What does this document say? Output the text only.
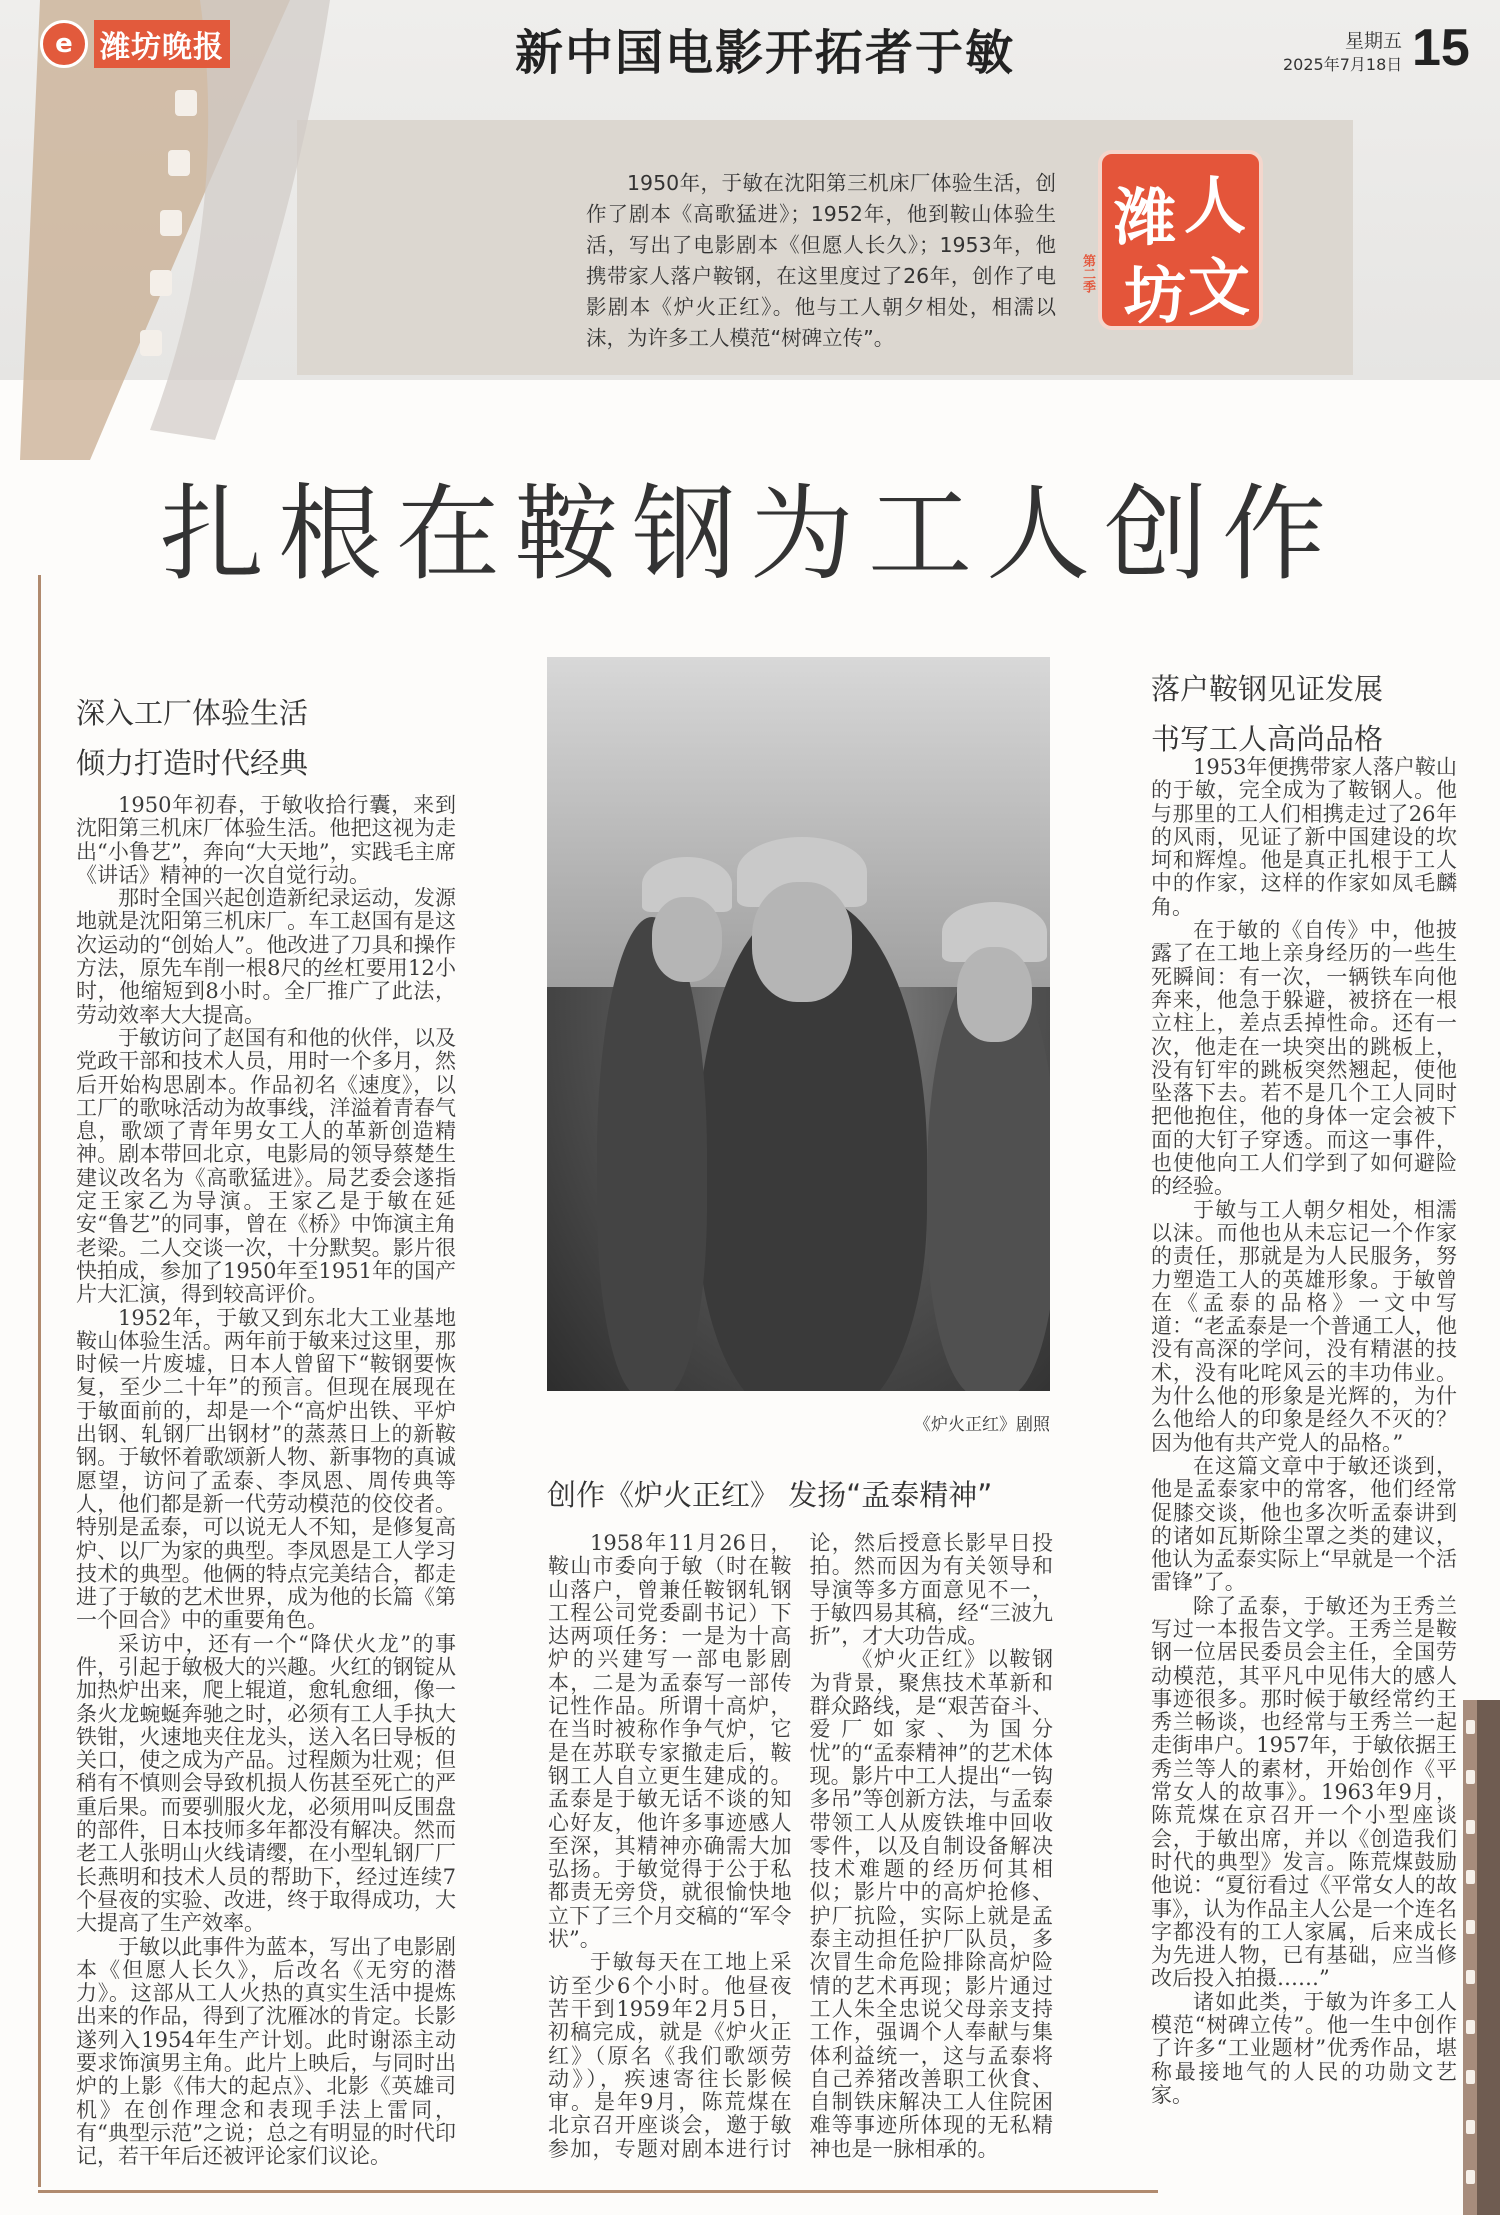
e 潍坊晚报	新中国电影开拓者于敏	星期五
2025年7月18日 15

1950年，于敏在沈阳第三机床厂体验生活，创作了剧本《高歌猛进》；1952年，他到鞍山体验生活，写出了电影剧本《但愿人长久》；1953年，他携带家人落户鞍钢，在这里度过了26年，创作了电影剧本《炉火正红》。他与工人朝夕相处，相濡以沫，为许多工人模范“树碑立传”。

潍 人
坊 文
第二季
扎根在鞍钢为工人创作
深入工厂体验生活
倾力打造时代经典

1950年初春，于敏收拾行囊，来到沈阳第三机床厂体验生活。他把这视为走出“小鲁艺”，奔向“大天地”，实践毛主席《讲话》精神的一次自觉行动。

那时全国兴起创造新纪录运动，发源地就是沈阳第三机床厂。车工赵国有是这次运动的“创始人”。他改进了刀具和操作方法，原先车削一根8尺的丝杠要用12小时，他缩短到8小时。全厂推广了此法，劳动效率大大提高。

于敏访问了赵国有和他的伙伴，以及党政干部和技术人员，用时一个多月，然后开始构思剧本。作品初名《速度》，以工厂的歌咏活动为故事线，洋溢着青春气息，歌颂了青年男女工人的革新创造精神。剧本带回北京，电影局的领导蔡楚生建议改名为《高歌猛进》。局艺委会遂指定王家乙为导演。王家乙是于敏在延安“鲁艺”的同事，曾在《桥》中饰演主角老梁。二人交谈一次，十分默契。影片很快拍成，参加了1950年至1951年的国产片大汇演，得到较高评价。

1952年，于敏又到东北大工业基地鞍山体验生活。两年前于敏来过这里，那时候一片废墟，日本人曾留下“鞍钢要恢复，至少二十年”的预言。但现在展现在于敏面前的，却是一个“高炉出铁、平炉出钢、轧钢厂出钢材”的蒸蒸日上的新鞍钢。于敏怀着歌颂新人物、新事物的真诚愿望，访问了孟泰、李凤恩、周传典等人，他们都是新一代劳动模范的佼佼者。特别是孟泰，可以说无人不知，是修复高炉、以厂为家的典型。李凤恩是工人学习技术的典型。他俩的特点完美结合，都走进了于敏的艺术世界，成为他的长篇《第一个回合》中的重要角色。

采访中，还有一个“降伏火龙”的事件，引起于敏极大的兴趣。火红的钢锭从加热炉出来，爬上辊道，愈轧愈细，像一条火龙蜿蜒奔驰之时，必须有工人手执大铁钳，火速地夹住龙头，送入名曰导板的关口，使之成为产品。过程颇为壮观；但稍有不慎则会导致机损人伤甚至死亡的严重后果。而要驯服火龙，必须用叫反围盘的部件，日本技师多年都没有解决。然而老工人张明山火线请缨，在小型轧钢厂厂长燕明和技术人员的帮助下，经过连续7个昼夜的实验、改进，终于取得成功，大大提高了生产效率。

于敏以此事件为蓝本，写出了电影剧本《但愿人长久》，后改名《无穷的潜力》。这部从工人火热的真实生活中提炼出来的作品，得到了沈雁冰的肯定。长影遂列入1954年生产计划。此时谢添主动要求饰演男主角。此片上映后，与同时出炉的上影《伟大的起点》、北影《英雄司机》在创作理念和表现手法上雷同，有“典型示范”之说；总之有明显的时代印记，若干年后还被评论家们议论。

《炉火正红》剧照
创作《炉火正红》 发扬“孟泰精神”

1958年11月26日，鞍山市委向于敏（时在鞍山落户，曾兼任鞍钢轧钢工程公司党委副书记）下达两项任务：一是为十高炉的兴建写一部电影剧本，二是为孟泰写一部传记性作品。所谓十高炉，在当时被称作争气炉，它是在苏联专家撤走后，鞍钢工人自立更生建成的。孟泰是于敏无话不谈的知心好友，他许多事迹感人至深，其精神亦确需大加弘扬。于敏觉得于公于私都责无旁贷，就很愉快地立下了三个月交稿的“军令状”。

于敏每天在工地上采访至少6个小时。他昼夜苦干到1959年2月5日，初稿完成，就是《炉火正红》（原名《我们歌颂劳动》），疾速寄往长影候审。是年9月，陈荒煤在北京召开座谈会，邀于敏参加，专题对剧本进行讨论，然后授意长影早日投拍。然而因为有关领导和导演等多方面意见不一，于敏四易其稿，经“三波九折”，才大功告成。

《炉火正红》以鞍钢为背景，聚焦技术革新和群众路线，是“艰苦奋斗、爱厂如家、为国分忧”的“孟泰精神”的艺术体现。影片中工人提出“一钩多吊”等创新方法，与孟泰带领工人从废铁堆中回收零件，以及自制设备解决技术难题的经历何其相似；影片中的高炉抢修、护厂抗险，实际上就是孟泰主动担任护厂队员，多次冒生命危险排除高炉险情的艺术再现；影片通过工人朱全忠说父母亲支持工作，强调个人奉献与集体利益统一，这与孟泰将自己养猪改善职工伙食、自制铁床解决工人住院困难等事迹所体现的无私精神也是一脉相承的。

落户鞍钢见证发展
书写工人高尚品格

1953年便携带家人落户鞍山的于敏，完全成为了鞍钢人。他与那里的工人们相携走过了26年的风雨，见证了新中国建设的坎坷和辉煌。他是真正扎根于工人中的作家，这样的作家如凤毛麟角。

在于敏的《自传》中，他披露了在工地上亲身经历的一些生死瞬间：有一次，一辆铁车向他奔来，他急于躲避，被挤在一根立柱上，差点丢掉性命。还有一次，他走在一块突出的跳板上，没有钉牢的跳板突然翘起，使他坠落下去。若不是几个工人同时把他抱住，他的身体一定会被下面的大钉子穿透。而这一事件，也使他向工人们学到了如何避险的经验。

于敏与工人朝夕相处，相濡以沫。而他也从未忘记一个作家的责任，那就是为人民服务，努力塑造工人的英雄形象。于敏曾在《孟泰的品格》一文中写道：“老孟泰是一个普通工人，他没有高深的学问，没有精湛的技术，没有叱咤风云的丰功伟业。为什么他的形象是光辉的，为什么他给人的印象是经久不灭的？因为他有共产党人的品格。”

在这篇文章中于敏还谈到，他是孟泰家中的常客，他们经常促膝交谈，他也多次听孟泰讲到的诸如瓦斯除尘罩之类的建议，他认为孟泰实际上“早就是一个活雷锋”了。

除了孟泰，于敏还为王秀兰写过一本报告文学。王秀兰是鞍钢一位居民委员会主任，全国劳动模范，其平凡中见伟大的感人事迹很多。那时候于敏经常约王秀兰畅谈，也经常与王秀兰一起走街串户。1957年，于敏依据王秀兰等人的素材，开始创作《平常女人的故事》。1963年9月，陈荒煤在京召开一个小型座谈会，于敏出席，并以《创造我们时代的典型》发言。陈荒煤鼓励他说：“夏衍看过《平常女人的故事》，认为作品主人公是一个连名字都没有的工人家属，后来成长为先进人物，已有基础，应当修改后投入拍摄……”

诸如此类，于敏为许多工人模范“树碑立传”。他一生中创作了许多“工业题材”优秀作品，堪称最接地气的人民的功勋文艺家。
